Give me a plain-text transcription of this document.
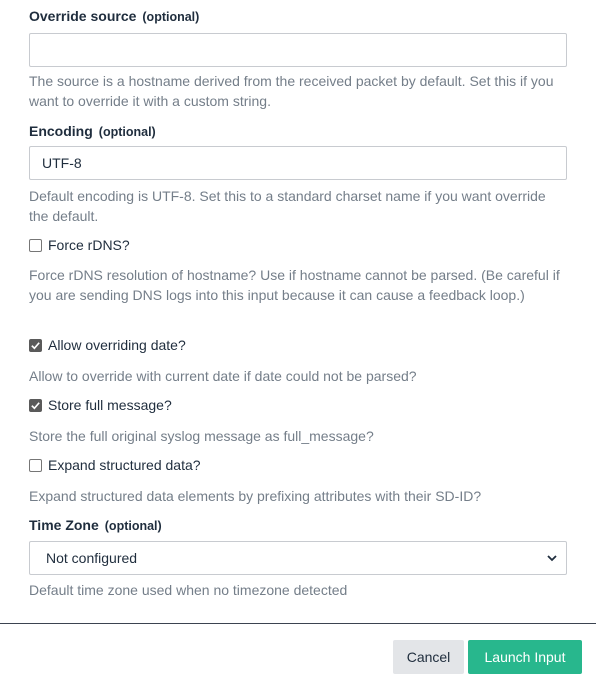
Override source (optional)
The source is a hostname derived from the received packet by default. Set this if you want to override it with a custom string.
Encoding (optional)
UTF-8
Default encoding is UTF-8. Set this to a standard charset name if you want override the default.
Force rDNS?
Force rDNS resolution of hostname? Use if hostname cannot be parsed. (Be careful if you are sending DNS logs into this input because it can cause a feedback loop.)
Allow overriding date?
Allow to override with current date if date could not be parsed?
Store full message?
Store the full original syslog message as full_message?
Expand structured data?
Expand structured data elements by prefixing attributes with their SD-ID?
Time Zone (optional)
Not configured
Default time zone used when no timezone detected
Cancel	Launch Input
